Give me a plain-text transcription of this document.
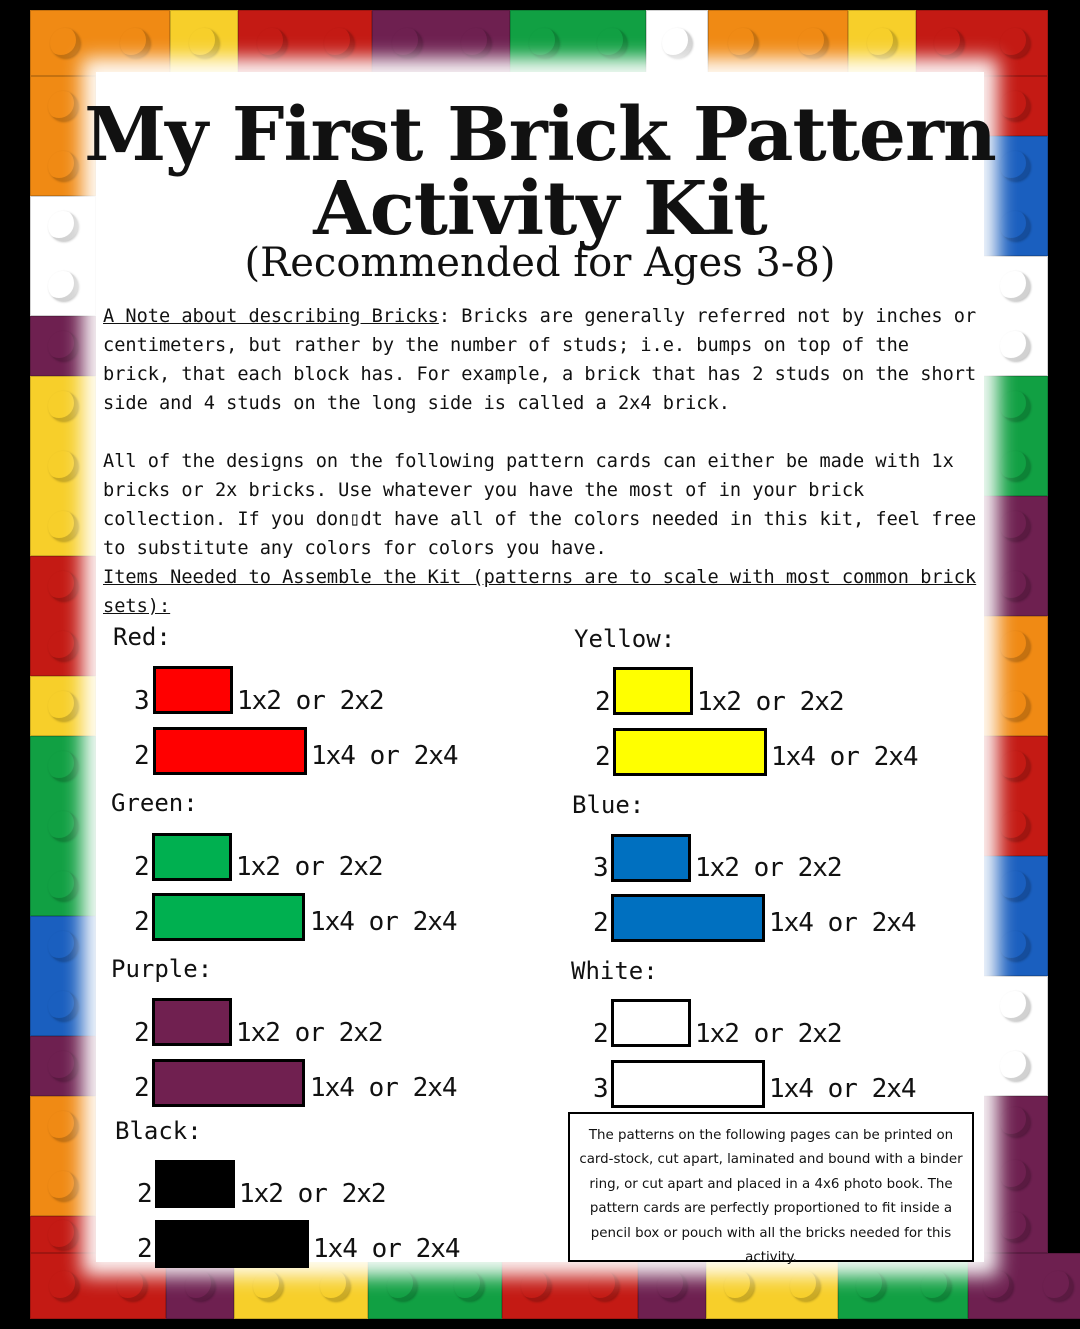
My First Brick Pattern
Activity Kit
(Recommended for Ages 3-8)

A Note about describing Bricks: Bricks are generally referred not by inches or centimeters, but rather by the number of studs; i.e. bumps on top of the brick, that each block has. For example, a brick that has 2 studs on the short side and 4 studs on the long side is called a 2x4 brick.

All of the designs on the following pattern cards can either be made with 1x bricks or 2x bricks. Use whatever you have the most of in your brick collection. If you don▯dt have all of the colors needed in this kit, feel free to substitute any colors for colors you have.
Items Needed to Assemble the Kit (patterns are to scale with most common brick sets):

Red:
3	1x2 or 2x2
2	1x4 or 2x4
Green:
2	1x2 or 2x2
2	1x4 or 2x4
Purple:
2	1x2 or 2x2
2	1x4 or 2x4
Black:
2	1x2 or 2x2
2	1x4 or 2x4
Yellow:
2	1x2 or 2x2
2	1x4 or 2x4
Blue:
3	1x2 or 2x2
2	1x4 or 2x4
White:
2	1x2 or 2x2
3	1x4 or 2x4
The patterns on the following pages can be printed on card-stock, cut apart, laminated and bound with a binder ring, or cut apart and placed in a 4x6 photo book. The pattern cards are perfectly proportioned to fit inside a pencil box or pouch with all the bricks needed for this activity.
